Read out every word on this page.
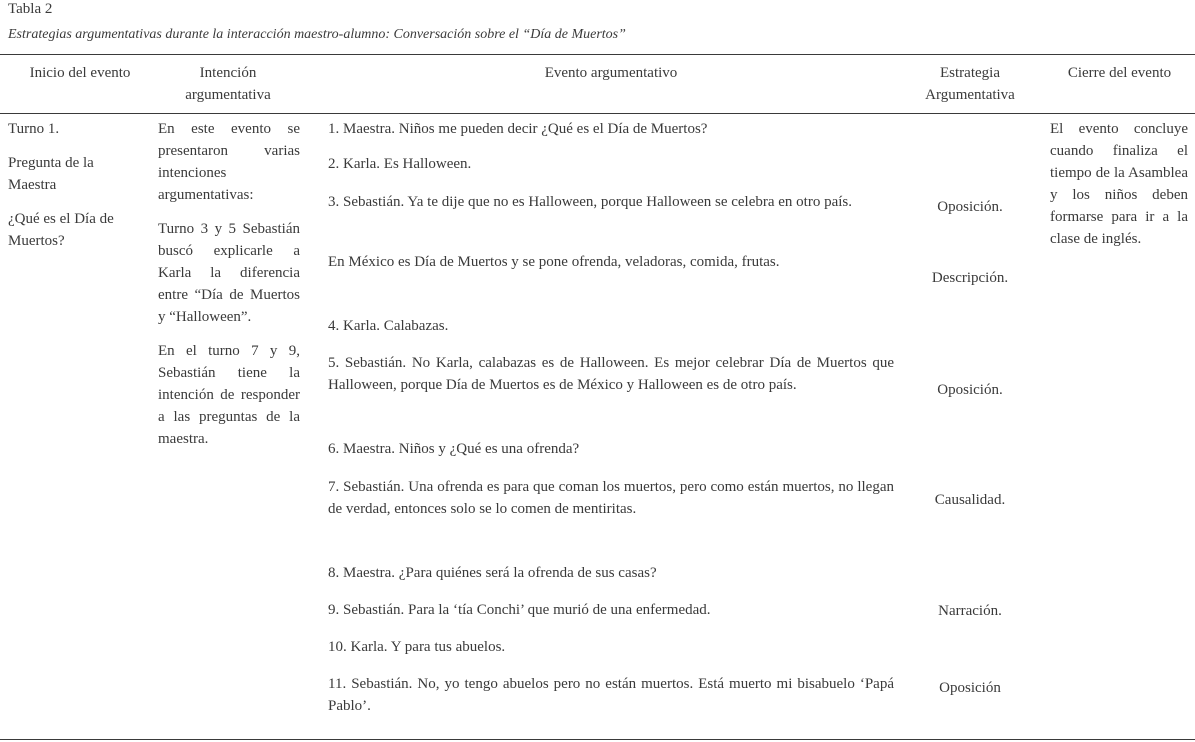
Tabla 2
Estrategias argumentativas durante la interacción maestro-alumno: Conversación sobre el “Día de Muertos”
Inicio del evento	Intención argumentativa
Evento argumentativo	Estrategia Argumentativa
Cierre del evento

Turno 1.

Pregunta de la Maestra

¿Qué es el Día de Muertos?

En este evento se presentaron varias intenciones argumentativas:

Turno 3 y 5 Sebastián buscó explicarle a Karla la diferencia entre “Día de Muertos y “Halloween”.

En el turno 7 y 9, Sebastián tiene la intención de responder a las preguntas de la maestra.

1. Maestra. Niños me pueden decir ¿Qué es el Día de Muertos?
2. Karla. Es Halloween.
3. Sebastián. Ya te dije que no es Halloween, porque Halloween se celebra en otro país.
En México es Día de Muertos y se pone ofrenda, veladoras, comida, frutas.
4. Karla. Calabazas.
5. Sebastián. No Karla, calabazas es de Halloween. Es mejor celebrar Día de Muertos que Halloween, porque Día de Muertos es de México y Halloween es de otro país.
6. Maestra. Niños y ¿Qué es una ofrenda?
7. Sebastián. Una ofrenda es para que coman los muertos, pero como están muertos, no llegan de verdad, entonces solo se lo comen de mentiritas.
8. Maestra. ¿Para quiénes será la ofrenda de sus casas?
9. Sebastián. Para la ‘tía Conchi’ que murió de una enfermedad.
10. Karla. Y para tus abuelos.
11. Sebastián. No, yo tengo abuelos pero no están muertos. Está muerto mi bisabuelo ‘Papá Pablo’.
Oposición.
Descripción.
Oposición.
Causalidad.
Narración.
Oposición

El evento concluye cuando finaliza el tiempo de la Asamblea y los niños deben formarse para ir a la clase de inglés.
